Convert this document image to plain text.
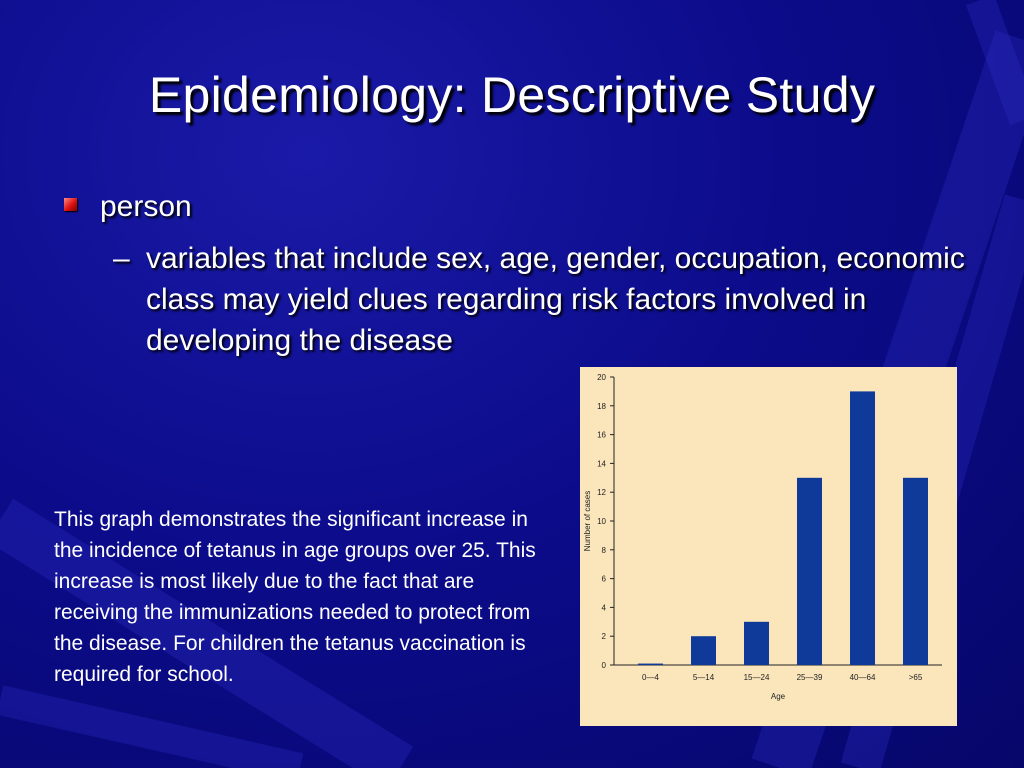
Epidemiology: Descriptive Study
person
– variables that include sex, age, gender, occupation, economic class may yield clues regarding risk factors involved in developing the disease
This graph demonstrates the significant increase in the incidence of tetanus in age groups over 25. This increase is most likely due to the fact that are receiving the immunizations needed to protect from the disease. For children the tetanus vaccination is required for school.	0
2
4
6
8
10
12
14
16
18
20
0—4	5—14	15—24	25—39	40—64	>65
Age
Number of cases
